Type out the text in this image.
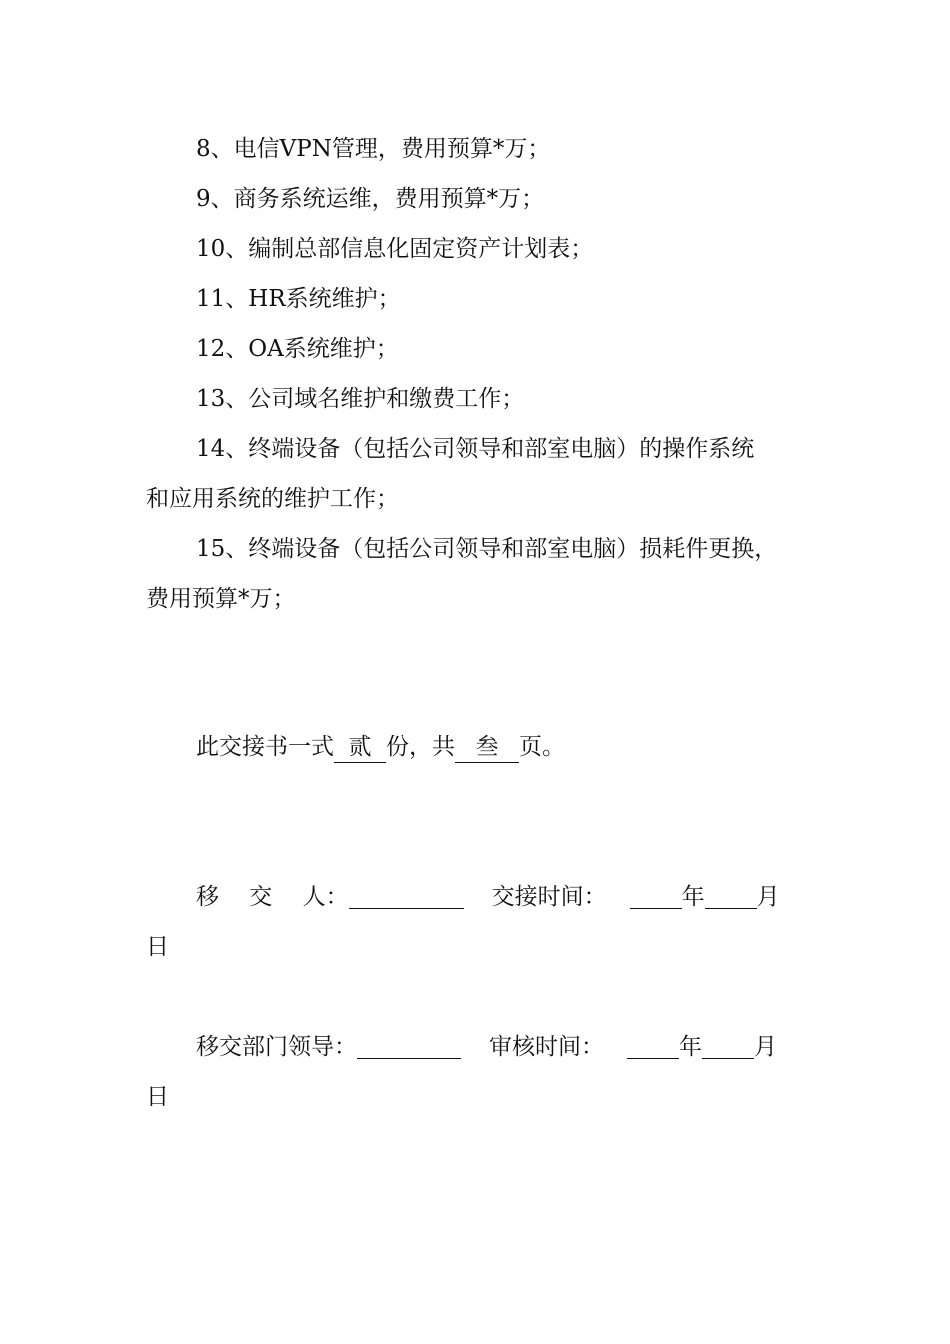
8、电信VPN管理，费用预算*万；
9、商务系统运维，费用预算*万；
10、编制总部信息化固定资产计划表；
11、HR系统维护；
12、OA系统维护；
13、公司域名维护和缴费工作；
14、终端设备（包括公司领导和部室电脑）的操作系统
和应用系统的维护工作；
15、终端设备（包括公司领导和部室电脑）损耗件更换，
费用预算*万；
此交接书一式 贰 份，共 叁 页。
移　 交　 人：	交接时间：	年 月
日
移交部门领导：	审核时间：	年 月
日
